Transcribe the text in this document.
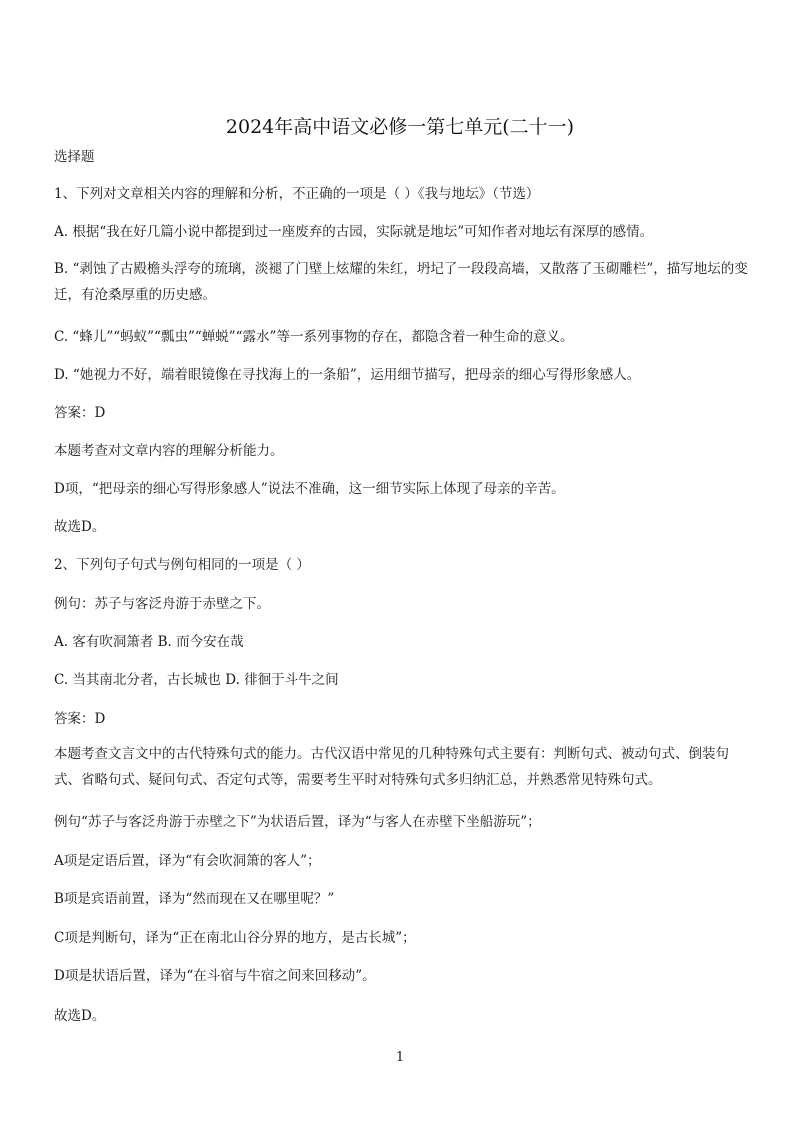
2024年高中语文必修一第七单元(二十一)
选择题
1、下列对文章相关内容的理解和分析，不正确的一项是（ ）《我与地坛》（节选）
A. 根据“我在好几篇小说中都提到过一座废弃的古园，实际就是地坛”可知作者对地坛有深厚的感情。
B. “剥蚀了古殿檐头浮夸的琉璃，淡褪了门壁上炫耀的朱红，坍圮了一段段高墙，又散落了玉砌雕栏”，描写地坛的变迁，有沧桑厚重的历史感。
C. “蜂儿”“蚂蚁”“瓢虫”“蝉蜕”“露水”等一系列事物的存在，都隐含着一种生命的意义。
D. “她视力不好，端着眼镜像在寻找海上的一条船”，运用细节描写，把母亲的细心写得形象感人。
答案：D
本题考查对文章内容的理解分析能力。
D项，“把母亲的细心写得形象感人”说法不准确，这一细节实际上体现了母亲的辛苦。
故选D。
2、下列句子句式与例句相同的一项是（ ）
例句：苏子与客泛舟游于赤壁之下。
A. 客有吹洞箫者 B. 而今安在哉
C. 当其南北分者，古长城也 D. 徘徊于斗牛之间
答案：D
本题考查文言文中的古代特殊句式的能力。古代汉语中常见的几种特殊句式主要有：判断句式、被动句式、倒装句式、省略句式、疑问句式、否定句式等，需要考生平时对特殊句式多归纳汇总，并熟悉常见特殊句式。
例句“苏子与客泛舟游于赤壁之下”为状语后置，译为“与客人在赤壁下坐船游玩”；
A项是定语后置，译为“有会吹洞箫的客人”；
B项是宾语前置，译为“然而现在又在哪里呢？”
C项是判断句，译为“正在南北山谷分界的地方，是古长城”；
D项是状语后置，译为“在斗宿与牛宿之间来回移动”。
故选D。
1
